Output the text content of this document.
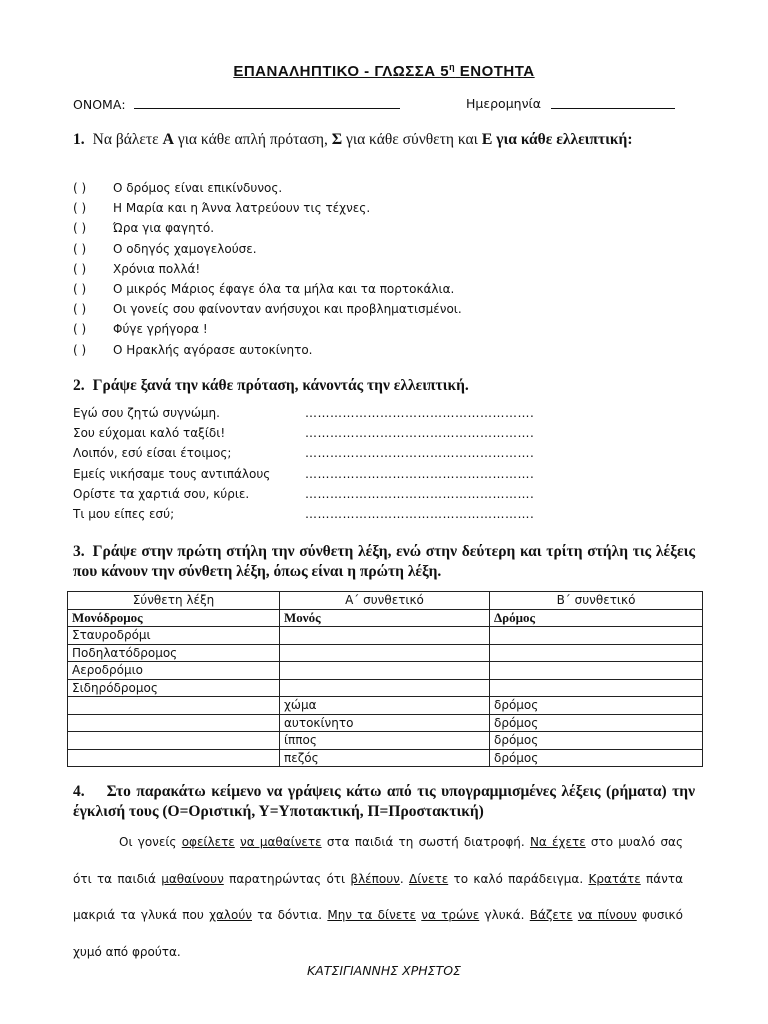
ΕΠΑΝΑΛΗΠΤΙΚΟ - ΓΛΩΣΣΑ $5^\eta$ ΕΝΟΤΗΤΑ
ΟΝΟΜΑ:	Ημερομηνία
1. Να βάλετε Α για κάθε απλή πρόταση, Σ για κάθε σύνθετη και Ε για κάθε ελλειπτική:
( ) Ο δρόμος είναι επικίνδυνος.
( ) Η Μαρία και η Άννα λατρεύουν τις τέχνες.
( ) Ώρα για φαγητό.
( ) Ο οδηγός χαμογελούσε.
( ) Χρόνια πολλά!
( ) Ο μικρός Μάριος έφαγε όλα τα μήλα και τα πορτοκάλια.
( ) Οι γονείς σου φαίνονταν ανήσυχοι και προβληματισμένοι.
( ) Φύγε γρήγορα !
( ) Ο Ηρακλής αγόρασε αυτοκίνητο.
2. Γράψε ξανά την κάθε πρόταση, κάνοντάς την ελλειπτική.
Εγώ σου ζητώ συγνώμη.	……………………………………………….
Σου εύχομαι καλό ταξίδι!	……………………………………………….
Λοιπόν, εσύ είσαι έτοιμος;	……………………………………………….
Εμείς νικήσαμε τους αντιπάλους	……………………………………………….
Ορίστε τα χαρτιά σου, κύριε.	……………………………………………….
Τι μου είπες εσύ;	……………………………………………….
3. Γράψε στην πρώτη στήλη την σύνθετη λέξη, ενώ στην δεύτερη και τρίτη στήλη τις λέξεις που κάνουν την σύνθετη λέξη, όπως είναι η πρώτη λέξη.
Σύνθετη λέξη	Α΄ συνθετικό	Β΄ συνθετικό
Μονόδρομος	Μονός	Δρόμος
Σταυροδρόμι		
Ποδηλατόδρομος		
Αεροδρόμιο		
Σιδηρόδρομος		
	χώμα	δρόμος
	αυτοκίνητο	δρόμος
	ίππος	δρόμος
	πεζός	δρόμος
4. Στο παρακάτω κείμενο να γράψεις κάτω από τις υπογραμμισμένες λέξεις (ρήματα) την έγκλισή τους (Ο=Οριστική, Υ=Υποτακτική, Π=Προστακτική)
Οι γονείς οφείλετε να μαθαίνετε στα παιδιά τη σωστή διατροφή. Να έχετε στο μυαλό σας ότι τα παιδιά μαθαίνουν παρατηρώντας ότι βλέπουν. Δίνετε το καλό παράδειγμα. Κρατάτε πάντα μακριά τα γλυκά που χαλούν τα δόντια. Μην τα δίνετε να τρώνε γλυκά. Βάζετε να πίνουν φυσικό χυμό από φρούτα.
ΚΑΤΣΙΓΙΑΝΝΗΣ ΧΡΗΣΤΟΣ
